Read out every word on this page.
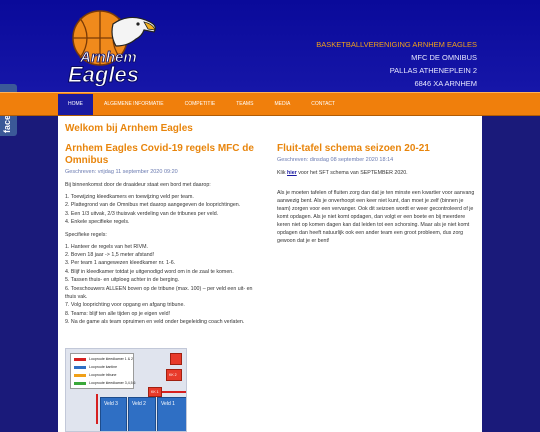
Arnhem
Eagles
BASKETBALLVERENIGING ARNHEM EAGLES
MFC DE OMNIBUS
PALLAS ATHENEPLEIN 2
6846 XA ARNHEM
HOME	ALGEMENE INFORMATIE	COMPETITIE	TEAMS	MEDIA	CONTACT
Welkom bij Arnhem Eagles
Arnhem Eagles Covid-19 regels MFC de Omnibus
Geschreven: vrijdag 11 september 2020 09:20
Bij binnenkomst door de draaideur staat een bord met daarop:
1. Toewijzing kleedkamers en toewijzing veld per team.
2. Plattegrond van de Omnibus met daarop aangegeven de looprichtingen.
3. Een 1/3 uitvak, 2/3 thuisvak verdeling van de tribunes per veld.
4. Enkele specifieke regels.
Specifieke regels:
1. Hanteer de regels van het RIVM.
2. Boven 18 jaar -> 1,5 meter afstand!
3. Per team 1 aangewezen kleedkamer nr. 1-6.
4. Blijf in kleedkamer totdat je uitgenodigd word om in de zaal te komen.
5. Tassen thuis- en uitploeg achter in de berging.
6. Toeschouwers ALLEEN boven op de tribune (max. 100) – per veld een uit- en thuis vak.
7. Volg looprichting voor opgang en afgang tribune.
8. Teams: blijf ten alle tijden op je eigen veld!
9. Na de game als team opruimen en veld onder begeleiding coach verlaten.
Looproute kleedkamer 1 & 2
Looproute kantine
Looproute tribune
Looproute kleedkamer 3,4,5,6
KK 2
KK 1
Veld 3	Veld 2	Veld 1
Fluit-tafel schema seizoen 20-21
Geschreven: dinsdag 08 september 2020 18:14
Klik hier voor het SFT schema van SEPTEMBER 2020.
Als je moeten tafelen of fluiten zorg dan dat je ten minste een kwartier voor aanvang aanwezig bent. Als je onverhoopt een keer niet kunt, dan moet je zelf (binnen je team) zorgen voor een vervanger. Ook dit seizoen wordt er weer gecontroleerd of je komt opdagen. Als je niet komt opdagen, dan volgt er een boete en bij meerdere keren niet op komen dagen kan dat leiden tot een schorsing. Maar als je niet komt opdagen dan heeft natuurlijk ook een ander team een groot probleem, dus zorg gewoon dat je er bent!
